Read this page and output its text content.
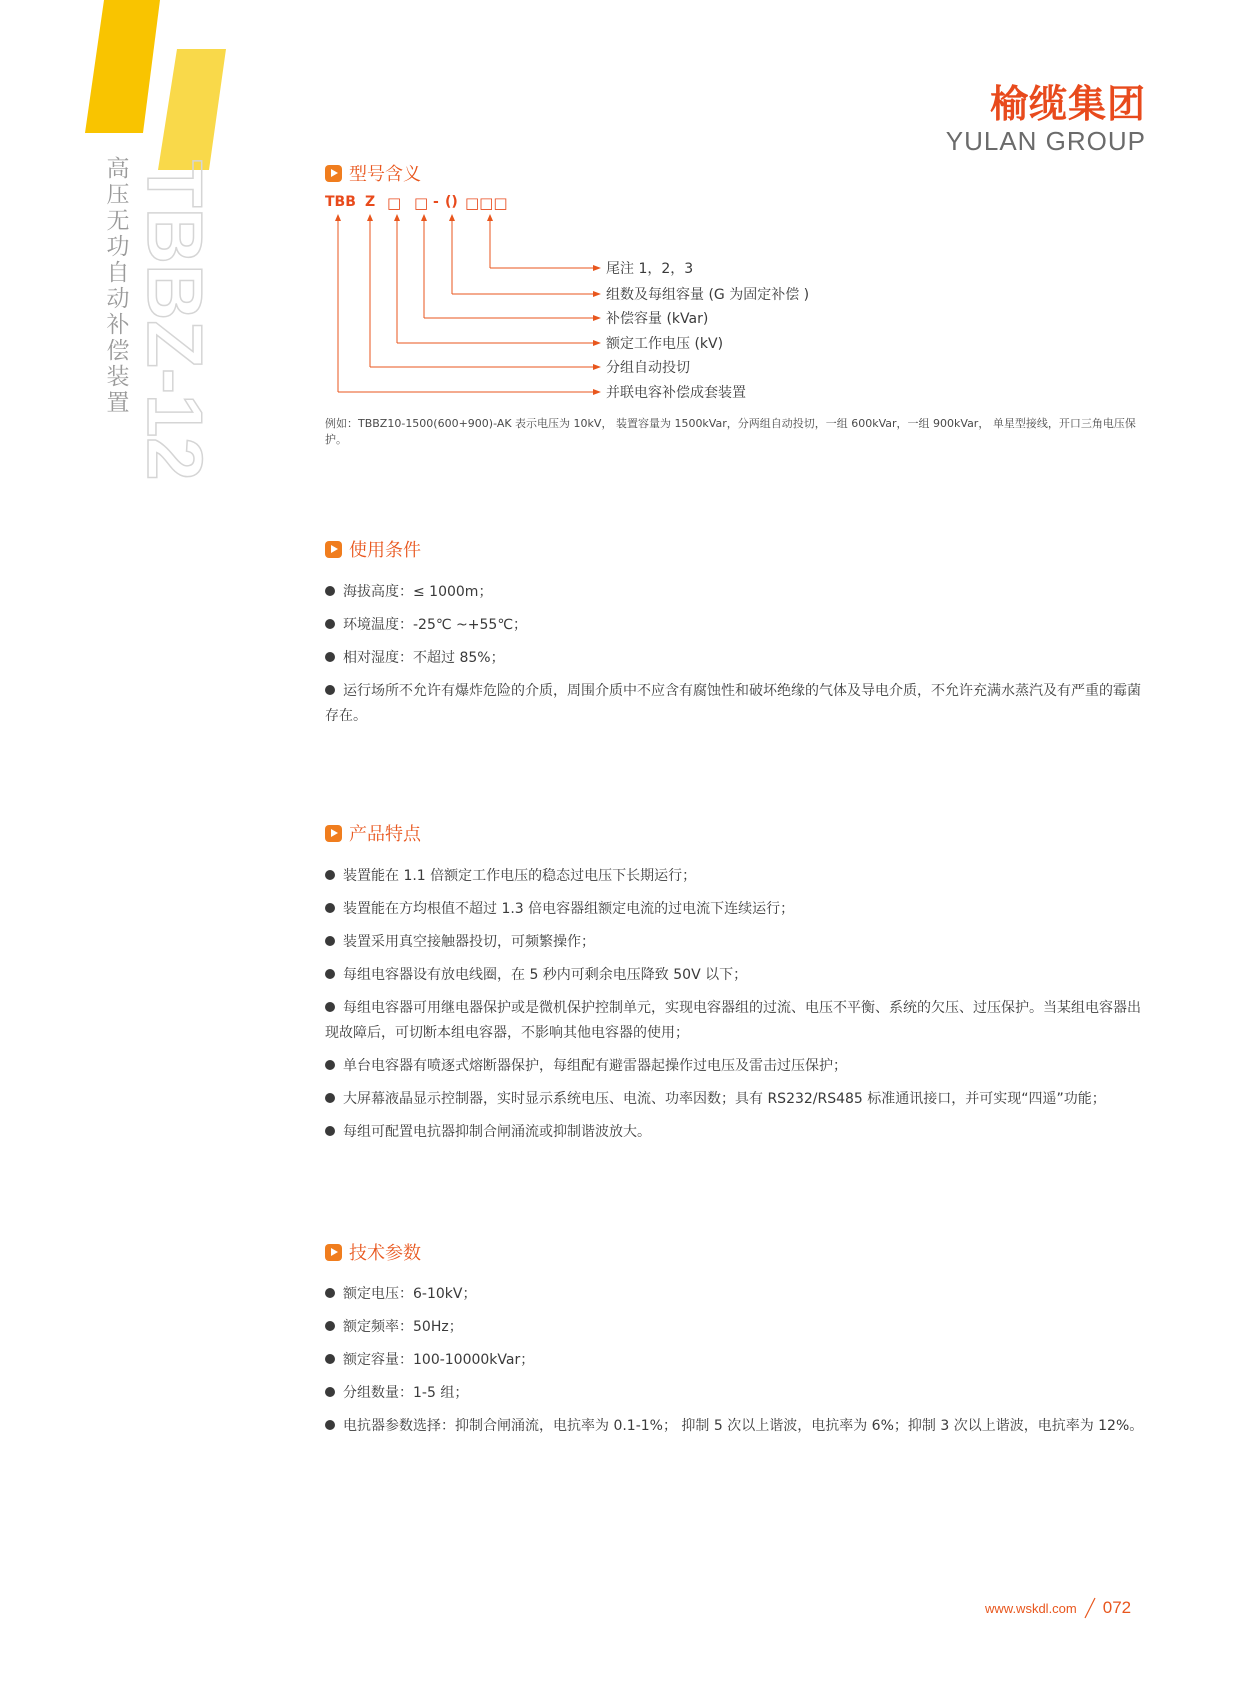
高压无功自动补偿装置 TBBZ-12
榆缆集团
YULAN GROUP
型号含义
TBB Z □ □ - () □□□
尾注 1，2，3
组数及每组容量 (G 为固定补偿 )
补偿容量 (kVar)
额定工作电压 (kV)
分组自动投切
并联电容补偿成套装置
例如：TBBZ10-1500(600+900)-AK 表示电压为 10kV， 装置容量为 1500kVar，分两组自动投切，一组 600kVar，一组 900kVar， 单星型接线，开口三角电压保护。
使用条件
海拔高度：≤ 1000m；
环境温度：-25℃ ~+55℃；
相对湿度：不超过 85%；
运行场所不允许有爆炸危险的介质，周围介质中不应含有腐蚀性和破坏绝缘的气体及导电介质，不允许充满水蒸汽及有严重的霉菌存在。
产品特点
装置能在 1.1 倍额定工作电压的稳态过电压下长期运行；
装置能在方均根值不超过 1.3 倍电容器组额定电流的过电流下连续运行；
装置采用真空接触器投切，可频繁操作；
每组电容器设有放电线圈，在 5 秒内可剩余电压降致 50V 以下；
每组电容器可用继电器保护或是微机保护控制单元，实现电容器组的过流、电压不平衡、系统的欠压、过压保护。当某组电容器出现故障后，可切断本组电容器，不影响其他电容器的使用；
单台电容器有喷逐式熔断器保护，每组配有避雷器起操作过电压及雷击过压保护；
大屏幕液晶显示控制器，实时显示系统电压、电流、功率因数；具有 RS232/RS485 标准通讯接口，并可实现“四遥”功能；
每组可配置电抗器抑制合闸涌流或抑制谐波放大。
技术参数
额定电压：6-10kV；
额定频率：50Hz；
额定容量：100-10000kVar；
分组数量：1-5 组；
电抗器参数选择：抑制合闸涌流，电抗率为 0.1-1%； 抑制 5 次以上谐波，电抗率为 6%；抑制 3 次以上谐波，电抗率为 12%。
www.wskdl.com 072
